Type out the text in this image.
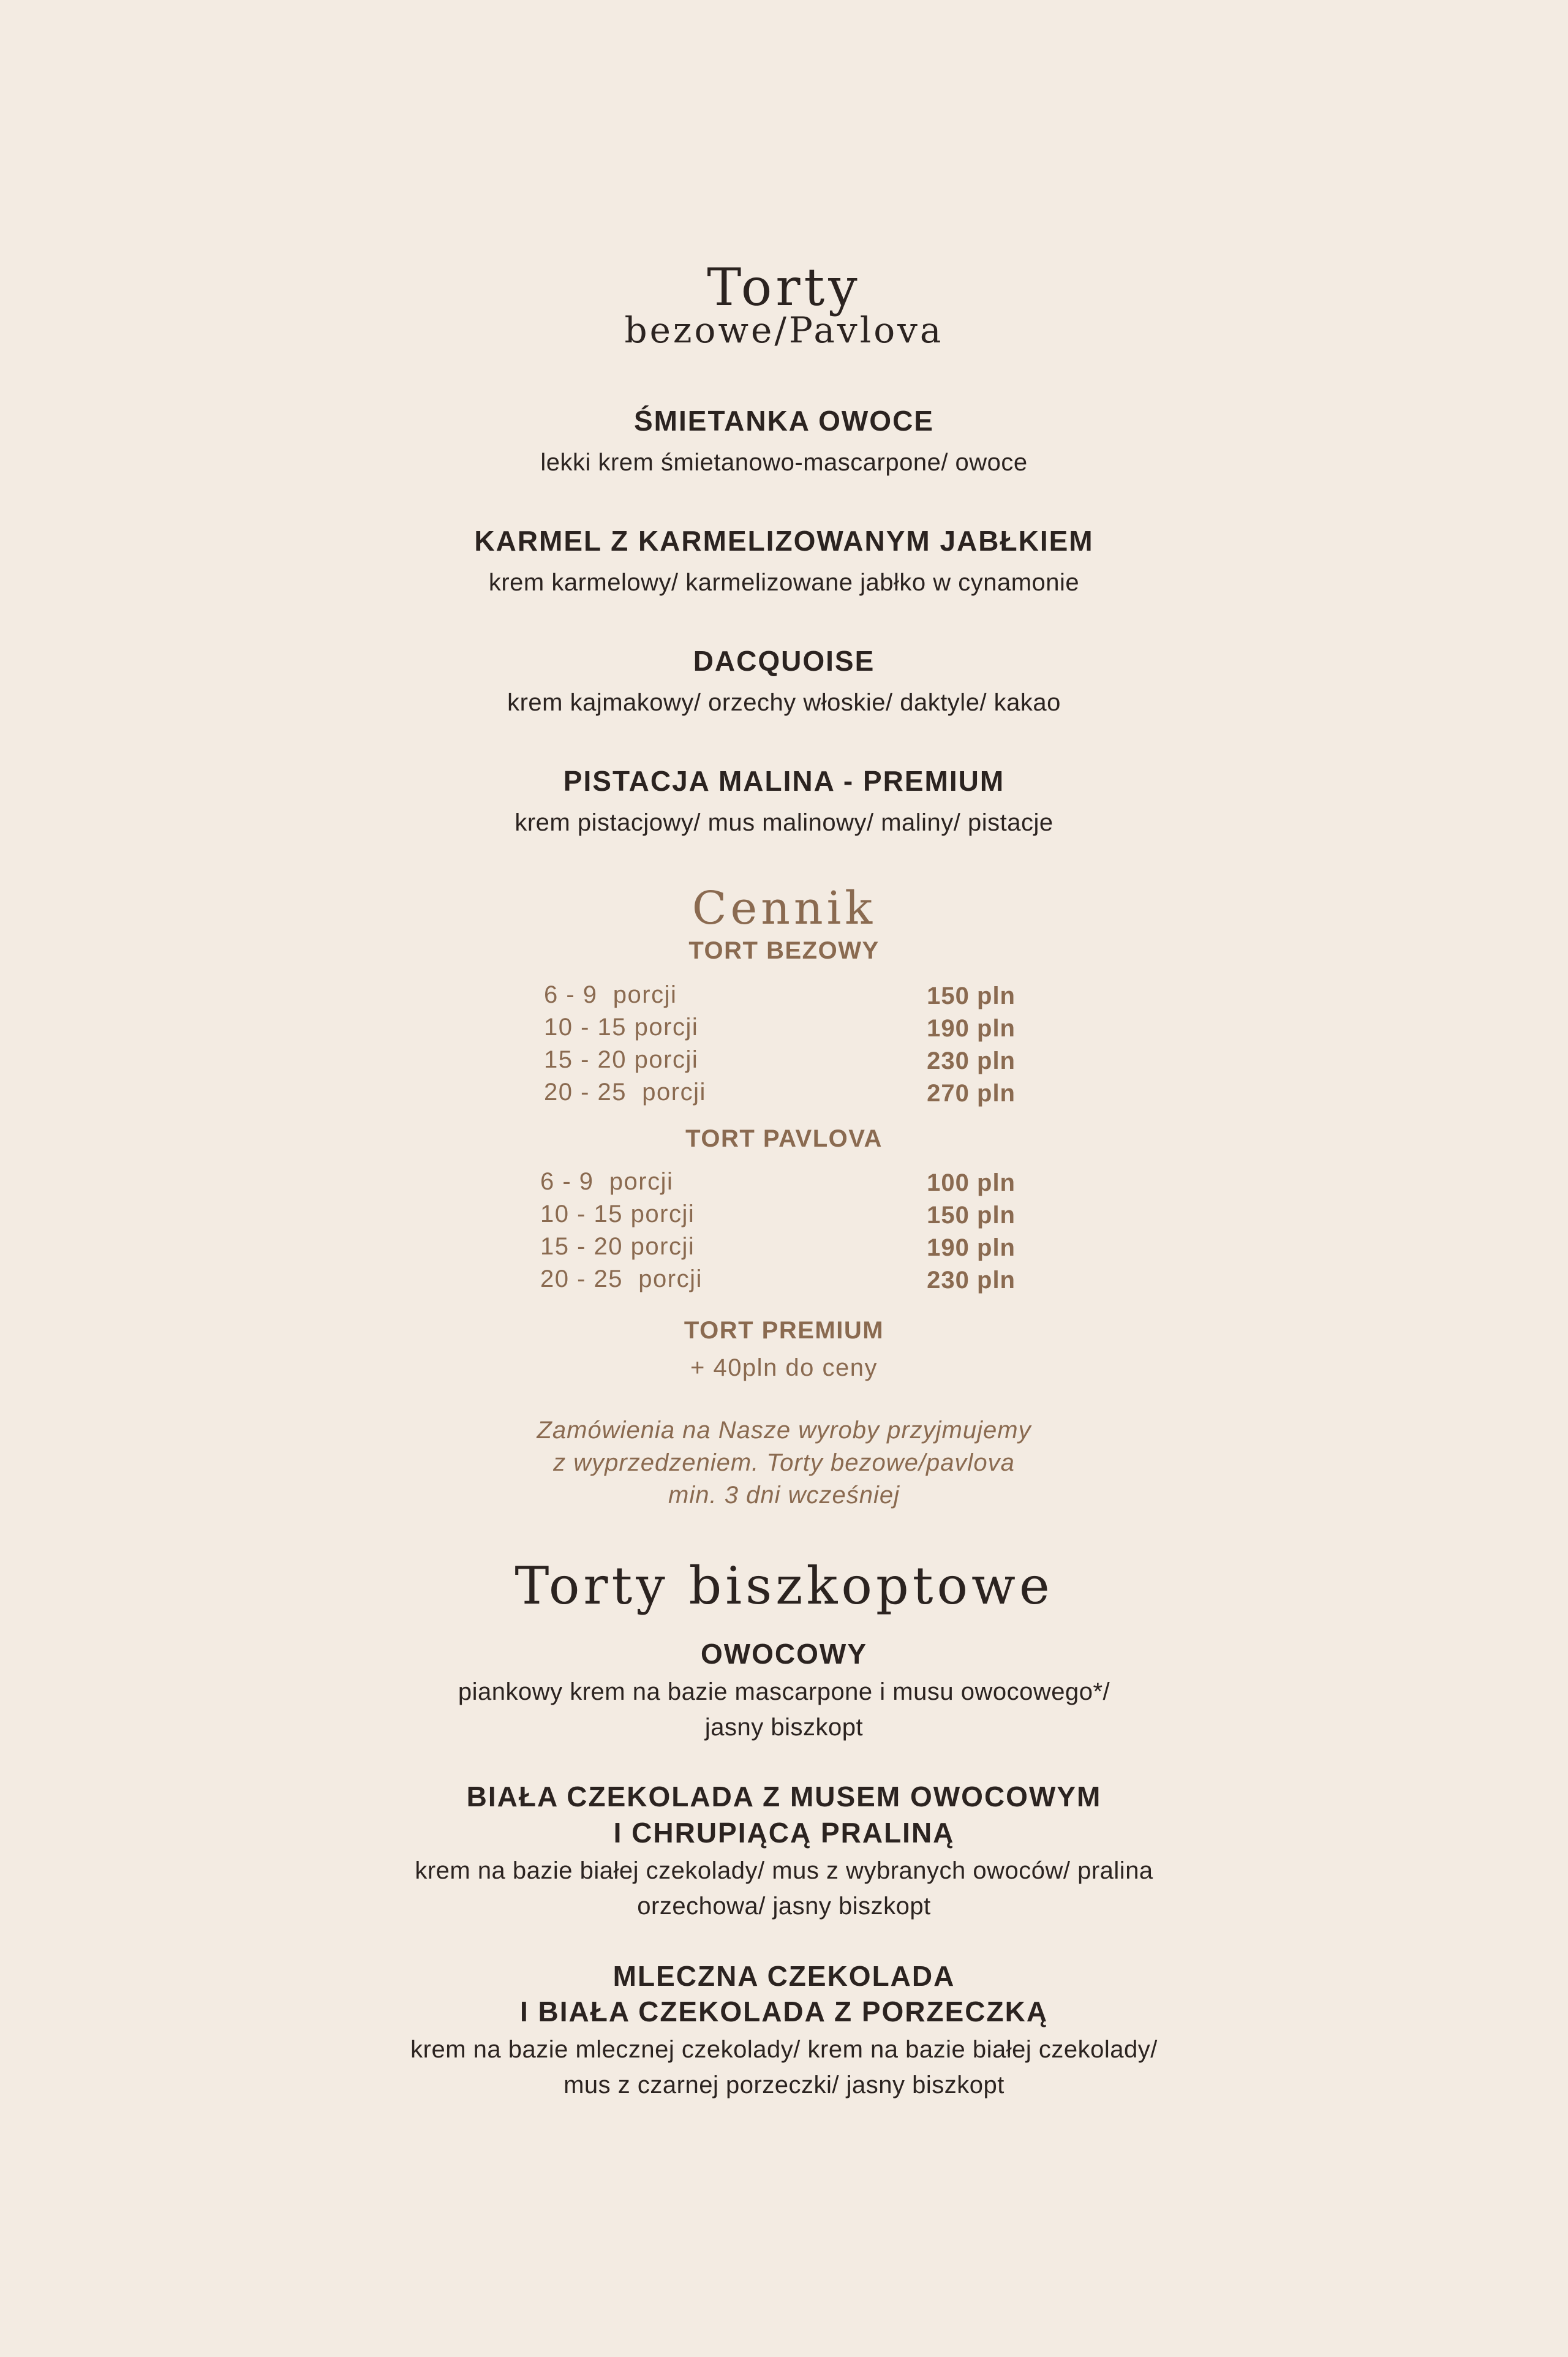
Torty
bezowe/Pavlova
ŚMIETANKA OWOCE
lekki krem śmietanowo-mascarpone/ owoce
KARMEL Z KARMELIZOWANYM JABŁKIEM
krem karmelowy/ karmelizowane jabłko w cynamonie
DACQUOISE
krem kajmakowy/ orzechy włoskie/ daktyle/ kakao
PISTACJA MALINA - PREMIUM
krem pistacjowy/ mus malinowy/ maliny/ pistacje
Cennik
TORT BEZOWY
6 - 9  porcji	150 pln
10 - 15 porcji	190 pln
15 - 20 porcji	230 pln
20 - 25  porcji	270 pln
TORT PAVLOVA
6 - 9  porcji	100 pln
10 - 15 porcji	150 pln
15 - 20 porcji	190 pln
20 - 25  porcji	230 pln
TORT PREMIUM
+ 40pln do ceny
Zamówienia na Nasze wyroby przyjmujemy
z wyprzedzeniem. Torty bezowe/pavlova
min. 3 dni wcześniej
Torty biszkoptowe
OWOCOWY
piankowy krem na bazie mascarpone i musu owocowego*/
jasny biszkopt
BIAŁA CZEKOLADA Z MUSEM OWOCOWYM
I CHRUPIĄCĄ PRALINĄ
krem na bazie białej czekolady/ mus z wybranych owoców/ pralina
orzechowa/ jasny biszkopt
MLECZNA CZEKOLADA
I BIAŁA CZEKOLADA Z PORZECZKĄ
krem na bazie mlecznej czekolady/ krem na bazie białej czekolady/
mus z czarnej porzeczki/ jasny biszkopt
